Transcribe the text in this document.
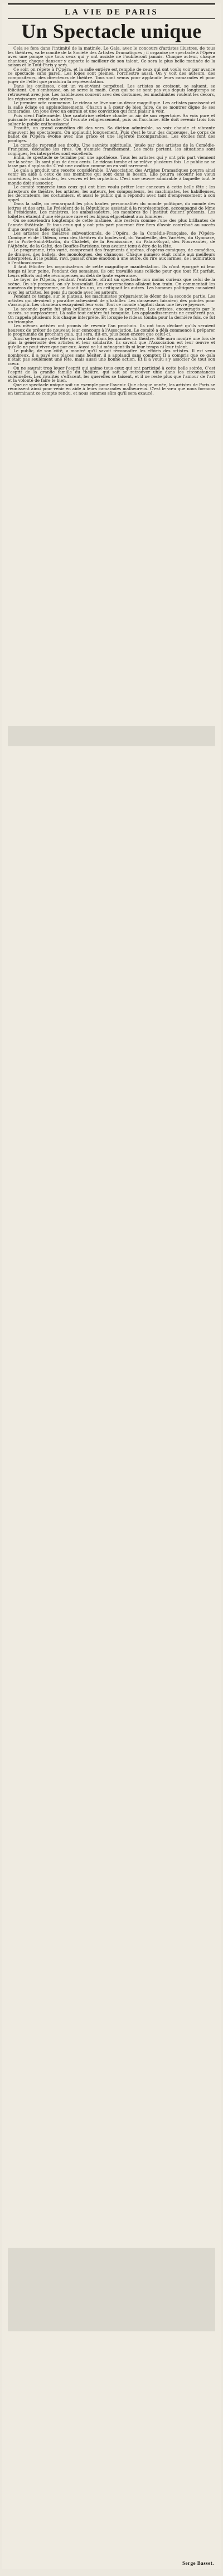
LA VIE DE PARIS
Un Spectacle unique

Cela se fera dans l'intimité de la matinée. Le Gala, avec le concours d'artistes illustres, de tous les théâtres, va le comité de la Société des Artistes Dramatiques ; il organise ce spectacle à l'Opéra avec une pompe que tous ceux qui y ont assisté ne l'oublieront jamais. Chaque acteur, chaque chanteur, chaque danseur y apporte le meilleur de son talent. Ce sera la plus belle matinée de la saison et le Tout-Paris y sera.

Ce soir, on répète à l'Opéra, et la salle entière est remplie de ceux qui ont voulu voir par avance ce spectacle sans pareil. Les loges sont pleines, l'orchestre aussi. On y voit des auteurs, des compositeurs, des directeurs de théâtre. Tous sont venus pour applaudir leurs camarades et pour juger de l'effet que produira la représentation.

Dans les coulisses, c'est un va-et-vient perpétuel. Les artistes se croisent, se saluent, se félicitent. On s'embrasse, on se serre la main. Ceux qui ne se sont pas vus depuis longtemps se retrouvent avec joie. Les habilleuses courent avec des costumes, les machinistes roulent les décors, les régisseurs crient des ordres.

Le premier acte commence. Le rideau se lève sur un décor magnifique. Les artistes paraissent et la salle éclate en applaudissements. Chacun a à cœur de bien faire, de se montrer digne de ses camarades. On joue avec un entrain et une conviction qui font plaisir à voir.

Puis vient l'intermède. Une cantatrice célèbre chante un air de son répertoire. Sa voix pure et puissante remplit la salle. On l'écoute religieusement, puis on l'acclame. Elle doit revenir trois fois saluer le public enthousiasmé.

Ensuite, un grand comédien dit des vers. Sa diction admirable, sa voix chaude et vibrante émeuvent les spectateurs. On applaudit longuement. Puis c'est le tour des danseuses. Le corps de ballet de l'Opéra évolue avec une grâce et une légèreté incomparables. Les étoiles font des prodiges.

La comédie reprend ses droits. Une saynète spirituelle, jouée par des artistes de la Comédie-Française, déchaîne les rires. On s'amuse franchement. Les mots portent, les situations sont comiques, les interprètes sont excellents.

Enfin, le spectacle se termine par une apothéose. Tous les artistes qui y ont pris part viennent sur la scène. Ils sont plus de deux cents. Le rideau tombe et se relève plusieurs fois. Le public ne se lasse pas d'applaudir. C'est une ovation comme on en voit rarement.

Le gala a produit une recette considérable. L'Association des Artistes Dramatiques pourra ainsi venir en aide à ceux de ses membres qui sont dans le besoin. Elle pourra secourir les vieux comédiens, les malades, les veuves et les orphelins. C'est une œuvre admirable à laquelle tout le monde doit s'associer.

Le comité remercie tous ceux qui ont bien voulu prêter leur concours à cette belle fête : les directeurs de théâtre, les artistes, les auteurs, les compositeurs, les machinistes, les habilleuses, les décorateurs, les costumiers, et aussi le public qui a répondu avec tant d'empressement à son appel.

Dans la salle, on remarquait les plus hautes personnalités du monde politique, du monde des lettres et des arts. Le Président de la République assistait à la représentation, accompagné de Mme la Présidente. Les ministres, les ambassadeurs, les membres de l'Institut étaient présents. Les toilettes étaient d'une élégance rare et les bijoux étincelaient aux lumières.

On se souviendra longtemps de cette matinée. Elle restera comme l'une des plus brillantes de l'année théâtrale. Et tous ceux qui y ont pris part pourront être fiers d'avoir contribué au succès d'une œuvre si belle et si utile.

Les artistes des théâtres subventionnés, de l'Opéra, de la Comédie-Française, de l'Opéra-Comique et de l'Odéon, ceux des théâtres du boulevard, du Vaudeville, des Variétés, du Gymnase, de la Porte-Saint-Martin, du Châtelet, de la Renaissance, du Palais-Royal, des Nouveautés, de l'Athénée, de la Gaîté, des Bouffes-Parisiens, tous avaient tenu à être de la fête.

Le programme, très varié, comprenait des fragments d'opéras, d'opéras-comiques, de comédies, de drames, des ballets, des monologues, des chansons. Chaque numéro était confié aux meilleurs interprètes. Et le public, ravi, passait d'une émotion à une autre, du rire aux larmes, de l'admiration à l'enthousiasme.

Il faut féliciter les organisateurs de cette magnifique manifestation. Ils n'ont épargné ni leur temps ni leur peine. Pendant des semaines, ils ont travaillé sans relâche pour que tout fût parfait. Leurs efforts ont été récompensés au delà de toute espérance.

Le foyer de l'Opéra, pendant l'entracte, offrait un spectacle non moins curieux que celui de la scène. On s'y pressait, on s'y bousculait. Les conversations allaient bon train. On commentait les numéros du programme, on louait les uns, on critiquait les autres. Les hommes politiques causaient avec les artistes, les gens du monde avec les auteurs.

Pendant ce temps, sur le plateau, les machinistes préparaient le décor de la seconde partie. Les artistes qui devaient y paraître achevaient de s'habiller. Les danseuses faisaient des pointes pour s'assouplir. Les chanteurs essayaient leur voix. Tout ce monde s'agitait dans une fièvre joyeuse.

La seconde partie fut plus brillante encore que la première. Les artistes, encouragés par le succès, se surpassèrent. La salle tout entière fut conquise. Les applaudissements ne cessèrent pas. On rappela plusieurs fois chaque interprète. Et lorsque le rideau tomba pour la dernière fois, ce fut un triomphe.

Les mêmes artistes ont promis de revenir l'an prochain. Ils ont tous déclaré qu'ils seraient heureux de prêter de nouveau leur concours à l'Association. Le comité a déjà commencé à préparer le programme du prochain gala, qui sera, dit-on, plus beau encore que celui-ci.

Ainsi se termine cette fête qui fera date dans les annales du théâtre. Elle aura montré une fois de plus la générosité des artistes et leur solidarité. Ils savent que l'Association est leur œuvre et qu'elle ne peut vivre que par eux. Aussi ne lui ménagent-ils ni leur temps ni leur talent.

Le public, de son côté, a montré qu'il savait reconnaître les efforts des artistes. Il est venu nombreux, il a payé ses places sans hésiter, il a applaudi sans compter. Il a compris que ce gala n'était pas seulement une fête, mais aussi une bonne action. Et il a voulu s'y associer de tout son cœur.

On ne saurait trop louer l'esprit qui anime tous ceux qui ont participé à cette belle soirée. C'est l'esprit de la grande famille du théâtre, qui sait se retrouver unie dans les circonstances solennelles. Les rivalités s'effacent, les querelles se taisent, et il ne reste plus que l'amour de l'art et la volonté de faire le bien.

Que ce spectacle unique soit un exemple pour l'avenir. Que chaque année, les artistes de Paris se réunissent ainsi pour venir en aide à leurs camarades malheureux. C'est le vœu que nous formons en terminant ce compte rendu, et nous sommes sûrs qu'il sera exaucé.

Serge Basset.
